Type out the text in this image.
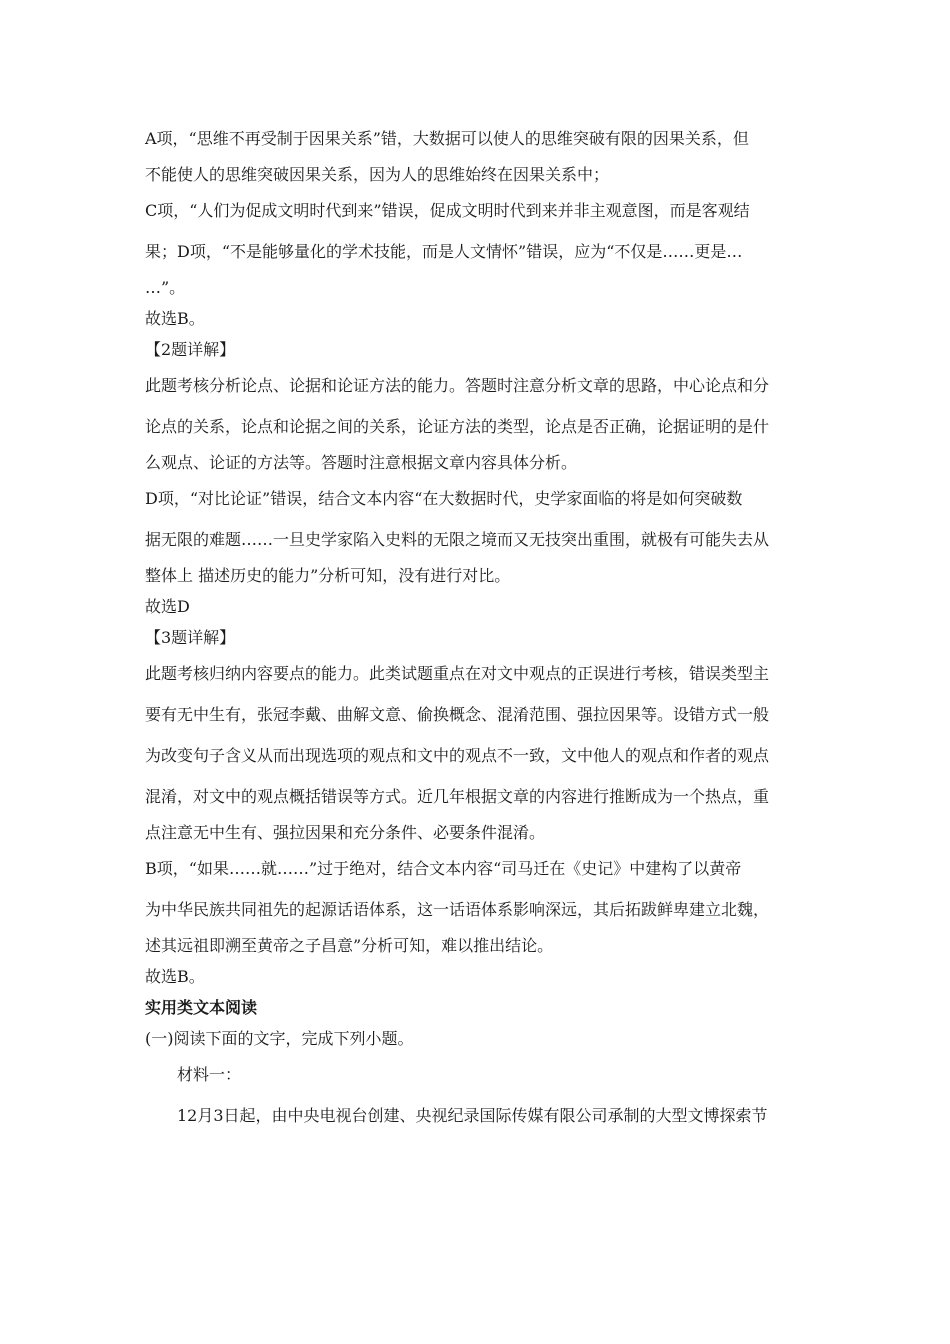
A项，“思维不再受制于因果关系”错，大数据可以使人的思维突破有限的因果关系，但
不能使人的思维突破因果关系，因为人的思维始终在因果关系中；
C项，“人们为促成文明时代到来”错误，促成文明时代到来并非主观意图，而是客观结
果；D项，“不是能够量化的学术技能，而是人文情怀”错误，应为“不仅是……更是…
…”。
故选B。
【2题详解】
此题考核分析论点、论据和论证方法的能力。答题时注意分析文章的思路，中心论点和分
论点的关系，论点和论据之间的关系，论证方法的类型，论点是否正确，论据证明的是什
么观点、论证的方法等。答题时注意根据文章内容具体分析。
D项，“对比论证”错误，结合文本内容“在大数据时代，史学家面临的将是如何突破数
据无限的难题……一旦史学家陷入史料的无限之境而又无技突出重围，就极有可能失去从
整体上 描述历史的能力”分析可知，没有进行对比。
故选D
【3题详解】
此题考核归纳内容要点的能力。此类试题重点在对文中观点的正误进行考核，错误类型主
要有无中生有，张冠李戴、曲解文意、偷换概念、混淆范围、强拉因果等。设错方式一般
为改变句子含义从而出现选项的观点和文中的观点不一致，文中他人的观点和作者的观点
混淆，对文中的观点概括错误等方式。近几年根据文章的内容进行推断成为一个热点，重
点注意无中生有、强拉因果和充分条件、必要条件混淆。
B项，“如果……就……”过于绝对，结合文本内容“司马迁在《史记》中建构了以黄帝
为中华民族共同祖先的起源话语体系，这一话语体系影响深远，其后拓跋鲜卑建立北魏，
述其远祖即溯至黄帝之子昌意”分析可知，难以推出结论。
故选B。
实用类文本阅读
(一)阅读下面的文字，完成下列小题。
材料一：
12月3日起，由中央电视台创建、央视纪录国际传媒有限公司承制的大型文博探索节
